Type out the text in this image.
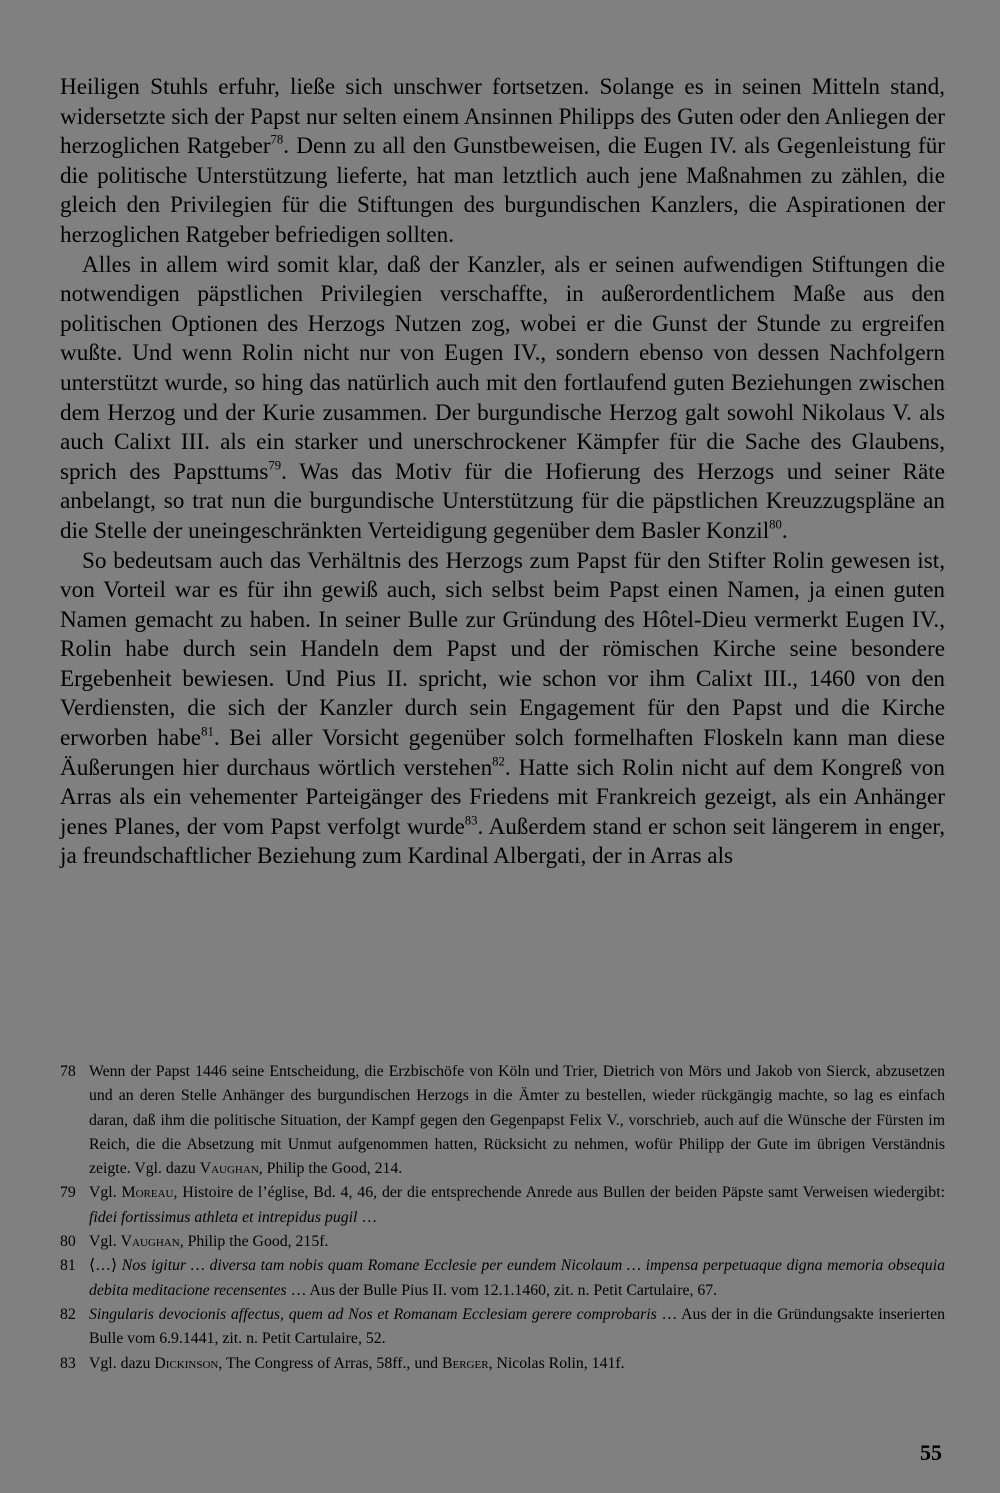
Heiligen Stuhls erfuhr, ließe sich unschwer fortsetzen. Solange es in seinen Mitteln stand, widersetzte sich der Papst nur selten einem Ansinnen Philipps des Guten oder den Anliegen der herzoglichen Ratgeber$^{78}$. Denn zu all den Gunstbeweisen, die Eugen IV. als Gegenleistung für die politische Unterstützung lieferte, hat man letztlich auch jene Maßnahmen zu zählen, die gleich den Privilegien für die Stiftungen des burgundischen Kanzlers, die Aspirationen der herzoglichen Ratgeber befriedigen sollten.

Alles in allem wird somit klar, daß der Kanzler, als er seinen aufwendigen Stiftungen die notwendigen päpstlichen Privilegien verschaffte, in außerordentlichem Maße aus den politischen Optionen des Herzogs Nutzen zog, wobei er die Gunst der Stunde zu ergreifen wußte. Und wenn Rolin nicht nur von Eugen IV., sondern ebenso von dessen Nachfolgern unterstützt wurde, so hing das natürlich auch mit den fortlaufend guten Beziehungen zwischen dem Herzog und der Kurie zusammen. Der burgundische Herzog galt sowohl Nikolaus V. als auch Calixt III. als ein starker und unerschrockener Kämpfer für die Sache des Glaubens, sprich des Papsttums$^{79}$. Was das Motiv für die Hofierung des Herzogs und seiner Räte anbelangt, so trat nun die burgundische Unterstützung für die päpstlichen Kreuzzugspläne an die Stelle der uneingeschränkten Verteidigung gegenüber dem Basler Konzil$^{80}$.

So bedeutsam auch das Verhältnis des Herzogs zum Papst für den Stifter Rolin gewesen ist, von Vorteil war es für ihn gewiß auch, sich selbst beim Papst einen Namen, ja einen guten Namen gemacht zu haben. In seiner Bulle zur Gründung des Hôtel-Dieu vermerkt Eugen IV., Rolin habe durch sein Handeln dem Papst und der römischen Kirche seine besondere Ergebenheit bewiesen. Und Pius II. spricht, wie schon vor ihm Calixt III., 1460 von den Verdiensten, die sich der Kanzler durch sein Engagement für den Papst und die Kirche erworben habe$^{81}$. Bei aller Vorsicht gegenüber solch formelhaften Floskeln kann man diese Äußerungen hier durchaus wörtlich verstehen$^{82}$. Hatte sich Rolin nicht auf dem Kongreß von Arras als ein vehementer Parteigänger des Friedens mit Frankreich gezeigt, als ein Anhänger jenes Planes, der vom Papst verfolgt wurde$^{83}$. Außerdem stand er schon seit längerem in enger, ja freundschaftlicher Beziehung zum Kardinal Albergati, der in Arras als

78 Wenn der Papst 1446 seine Entscheidung, die Erzbischöfe von Köln und Trier, Dietrich von Mörs und Jakob von Sierck, abzusetzen und an deren Stelle Anhänger des burgundischen Herzogs in die Ämter zu bestellen, wieder rückgängig machte, so lag es einfach daran, daß ihm die politische Situation, der Kampf gegen den Gegenpapst Felix V., vorschrieb, auch auf die Wünsche der Fürsten im Reich, die die Absetzung mit Unmut aufgenommen hatten, Rücksicht zu nehmen, wofür Philipp der Gute im übrigen Verständnis zeigte. Vgl. dazu Vaughan, Philip the Good, 214.
79 Vgl. Moreau, Histoire de l’église, Bd. 4, 46, der die entsprechende Anrede aus Bullen der beiden Päpste samt Verweisen wiedergibt: fidei fortissimus athleta et intrepidus pugil …
80 Vgl. Vaughan, Philip the Good, 215f.
81 ⟨…⟩ Nos igitur … diversa tam nobis quam Romane Ecclesie per eundem Nicolaum … impensa perpetuaque digna memoria obsequia debita meditacione recensentes … Aus der Bulle Pius II. vom 12.1.1460, zit. n. Petit Cartulaire, 67.
82 Singularis devocionis affectus, quem ad Nos et Romanam Ecclesiam gerere comprobaris … Aus der in die Gründungsakte inserierten Bulle vom 6.9.1441, zit. n. Petit Cartulaire, 52.
83 Vgl. dazu Dickinson, The Congress of Arras, 58ff., und Berger, Nicolas Rolin, 141f.
55
